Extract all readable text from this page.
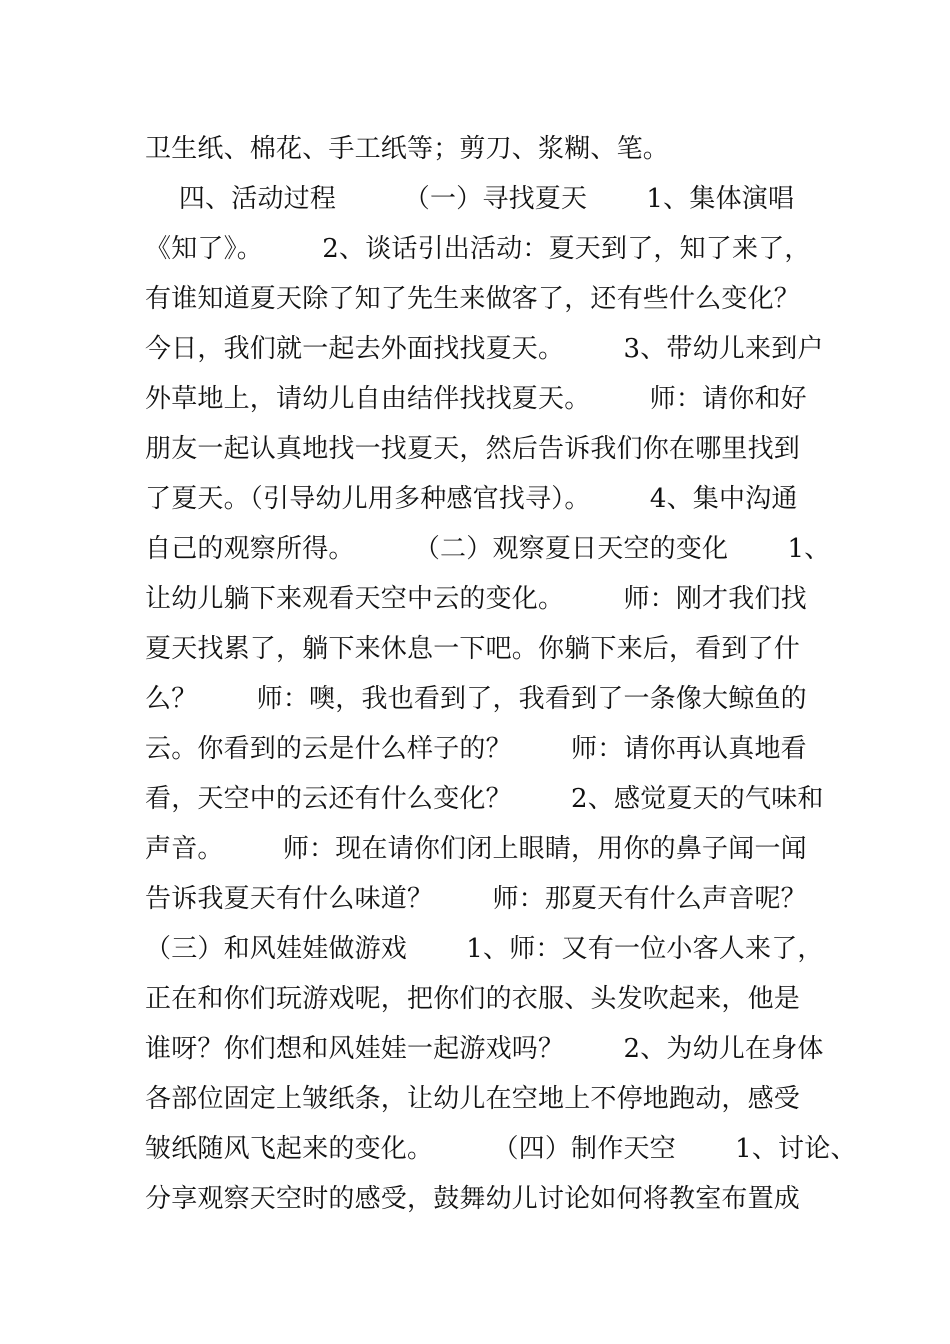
卫生纸、棉花、手工纸等；剪刀、浆糊、笔。
四、活动过程        （一）寻找夏天       1、集体演唱
《知了》。       2、谈话引出活动：夏天到了，知了来了，
有谁知道夏天除了知了先生来做客了，还有些什么变化？
今日，我们就一起去外面找找夏天。       3、带幼儿来到户
外草地上，请幼儿自由结伴找找夏天。       师：请你和好
朋友一起认真地找一找夏天，然后告诉我们你在哪里找到
了夏天。（引导幼儿用多种感官找寻）。       4、集中沟通
自己的观察所得。       （二）观察夏日天空的变化       1、
让幼儿躺下来观看天空中云的变化。       师：刚才我们找
夏天找累了，躺下来休息一下吧。你躺下来后，看到了什
么？       师：噢，我也看到了，我看到了一条像大鲸鱼的
云。你看到的云是什么样子的？       师：请你再认真地看
看，天空中的云还有什么变化？       2、感觉夏天的气味和
声音。       师：现在请你们闭上眼睛，用你的鼻子闻一闻
告诉我夏天有什么味道？       师：那夏天有什么声音呢？
（三）和风娃娃做游戏       1、师：又有一位小客人来了，
正在和你们玩游戏呢，把你们的衣服、头发吹起来，他是
谁呀？你们想和风娃娃一起游戏吗？       2、为幼儿在身体
各部位固定上皱纸条，让幼儿在空地上不停地跑动，感受
皱纸随风飞起来的变化。       （四）制作天空       1、讨论、
分享观察天空时的感受，鼓舞幼儿讨论如何将教室布置成
